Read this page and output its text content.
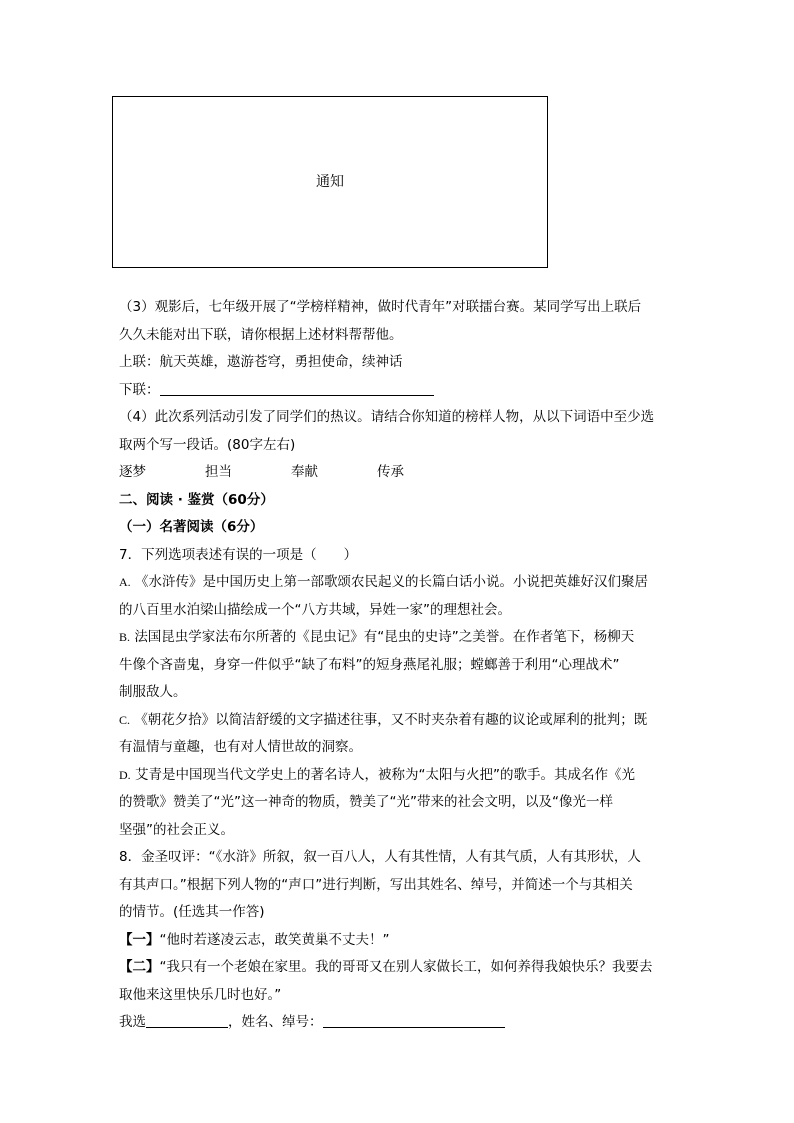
通知
（3）观影后，七年级开展了“学榜样精神，做时代青年”对联擂台赛。某同学写出上联后
久久未能对出下联，请你根据上述材料帮帮他。
上联：航天英雄，遨游苍穹，勇担使命，续神话
下联：
（4）此次系列活动引发了同学们的热议。请结合你知道的榜样人物，从以下词语中至少选
取两个写一段话。(80字左右)
逐梦	担当	奉献	传承
二、阅读 · 鉴赏（60分）
（一）名著阅读（6分）
7．下列选项表述有误的一项是（　　）
A. 《水浒传》是中国历史上第一部歌颂农民起义的长篇白话小说。小说把英雄好汉们聚居
的八百里水泊梁山描绘成一个“八方共域，异姓一家”的理想社会。
B. 法国昆虫学家法布尔所著的《昆虫记》有“昆虫的史诗”之美誉。在作者笔下，杨柳天
牛像个吝啬鬼，身穿一件似乎“缺了布料”的短身燕尾礼服；螳螂善于利用“心理战术”
制服敌人。
C. 《朝花夕拾》以简洁舒缓的文字描述往事，又不时夹杂着有趣的议论或犀利的批判；既
有温情与童趣，也有对人情世故的洞察。
D. 艾青是中国现当代文学史上的著名诗人，被称为“太阳与火把”的歌手。其成名作《光
的赞歌》赞美了“光”这一神奇的物质，赞美了“光”带来的社会文明，以及“像光一样
坚强”的社会正义。
8．金圣叹评：“《水浒》所叙，叙一百八人，人有其性情，人有其气质，人有其形状，人
有其声口。”根据下列人物的“声口”进行判断，写出其姓名、绰号，并简述一个与其相关
的情节。(任选其一作答)
【一】“他时若遂凌云志，敢笑黄巢不丈夫！”
【二】“我只有一个老娘在家里。我的哥哥又在别人家做长工，如何养得我娘快乐？我要去
取他来这里快乐几时也好。”
我选	，姓名、绰号：
